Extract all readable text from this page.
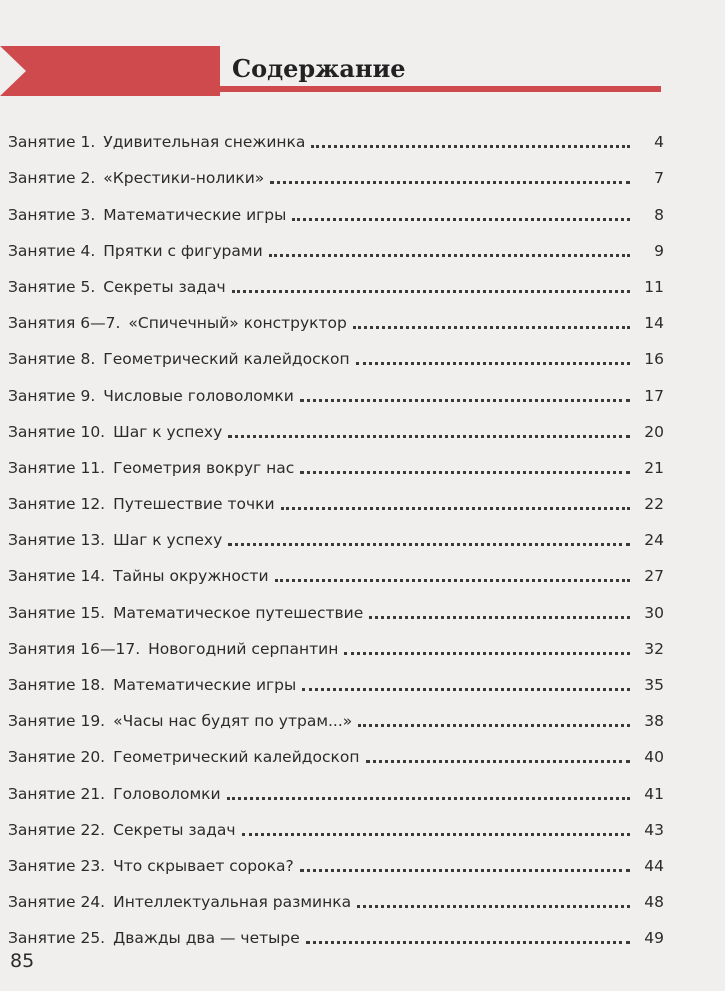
Содержание
Занятие 1. Удивительная снежинка	4
Занятие 2. «Крестики-нолики»	7
Занятие 3. Математические игры	8
Занятие 4. Прятки с фигурами	9
Занятие 5. Секреты задач	11
Занятия 6—7. «Спичечный» конструктор	14
Занятие 8. Геометрический калейдоскоп	16
Занятие 9. Числовые головоломки	17
Занятие 10. Шаг к успеху	20
Занятие 11. Геометрия вокруг нас	21
Занятие 12. Путешествие точки	22
Занятие 13. Шаг к успеху	24
Занятие 14. Тайны окружности	27
Занятие 15. Математическое путешествие	30
Занятия 16—17. Новогодний серпантин	32
Занятие 18. Математические игры	35
Занятие 19. «Часы нас будят по утрам...»	38
Занятие 20. Геометрический калейдоскоп	40
Занятие 21. Головоломки	41
Занятие 22. Секреты задач	43
Занятие 23. Что скрывает сорока?	44
Занятие 24. Интеллектуальная разминка	48
Занятие 25. Дважды два — четыре	49
85
